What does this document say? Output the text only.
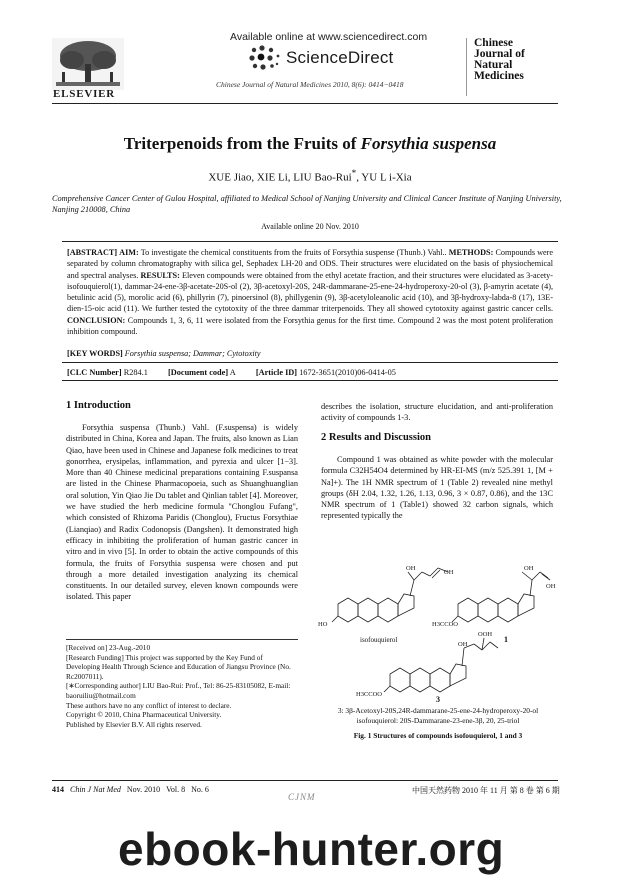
Available online at www.sciencedirect.com
ScienceDirect
Chinese Journal of Natural Medicines 2010, 8(6): 0414−0418
ELSEVIER
Chinese
Journal of
Natural
Medicines
Triterpenoids from the Fruits of Forsythia suspensa
XUE Jiao, XIE Li, LIU Bao-Rui*, YU L i-Xia
Comprehensive Cancer Center of Gulou Hospital, affiliated to Medical School of Nanjing University and Clinical Cancer Institute of Nanjing University, Nanjing 210008, China
Available online 20 Nov. 2010
[ABSTRACT] AIM: To investigate the chemical constituents from the fruits of Forsythia suspense (Thunb.) Vahl.. METHODS: Compounds were separated by column chromatography with silica gel, Sephadex LH-20 and ODS. Their structures were elucidated on the basis of physiochemical and spectral analyses. RESULTS: Eleven compounds were obtained from the ethyl acetate fraction, and their structures were elucidated as 3-acety-isofouquierol(1), dammar-24-ene-3β-acetate-20S-ol (2), 3β-acetoxyl-20S, 24R-dammarane-25-ene-24-hydroperoxy-20-ol (3), β-amyrin acetate (4), betulinic acid (5), morolic acid (6), phillyrin (7), pinoersinol (8), phillygenin (9), 3β-acetyloleanolic acid (10), and 3β-hydroxy-labda-8 (17), 13E-dien-15-oic acid (11). We further tested the cytotoxity of the three dammar triterpenoids. They all showed cytotoxity against gastric cancer cells. CONCLUSION: Compounds 1, 3, 6, 11 were isolated from the Forsythia genus for the first time. Compound 2 was the most potent proliferation inhibition compound.
[KEY WORDS] Forsythia suspensa; Dammar; Cytotoxity
[CLC Number] R284.1 [Document code] A [Article ID] 1672-3651(2010)06-0414-05
1 Introduction

Forsythia suspensa (Thunb.) Vahl. (F.suspensa) is widely distributed in China, Korea and Japan. The fruits, also known as Lian Qiao, have been used in Chinese and Japanese folk medicines to treat gonorrhea, erysipelas, inflammation, and pyrexia and ulcer [1−3]. More than 40 Chinese medicinal preparations containing F.suspansa are listed in the Chinese Pharmacopoeia, such as Shuanghuanglian oral solution, Yin Qiao Jie Du tablet and Qinlian tablet [4]. Moreover, we have studied the herb medicine formula "Chonglou Fufang", which consisted of Rhizoma Paridis (Chonglou), Fructus Forsythiae (Lianqiao) and Radix Codonopsis (Dangshen). It demonstrated high efficacy in inhibiting the proliferation of human gastric cancer in vitro and in vivo [5]. In order to obtain the active compounds of this formula, the fruits of Forsythia suspensa were chosen and put through a more detailed investigation analyzing its chemical constituents. In our detailed survey, eleven known compounds were isolated. This paper

[Received on] 23-Aug.-2010
[Research Funding] This project was supported by the Key Fund of Developing Health Through Science and Education of Jiangsu Province (No. Rc2007011).
[∗Corresponding author] LIU Bao-Rui: Prof., Tel: 86-25-83105082, E-mail: baoruiliu@hotmail.com
These authors have no any conflict of interest to declare.
Copyright © 2010, China Pharmaceutical University.
Published by Elsevier B.V. All rights reserved.
describes the isolation, structure elucidation, and anti-proliferation activity of compounds 1-3.
2 Results and Discussion

Compound 1 was obtained as white powder with the molecular formula C32H54O4 determined by HR-EI-MS (m/z 525.391 1, [M + Na]+). The 1H NMR spectrum of 1 (Table 2) revealed nine methyl groups (δH 2.04, 1.32, 1.26, 1.13, 0.96, 3 × 0.87, 0.86), and the 13C NMR spectrum of 1 (Table1) showed 32 carbon signals, which represented typically the

OH
OH
HO
isofouquierol
OH
OH
H3CCOO
1
OH
OOH
H3CCOO
3
3: 3β-Acetoxyl-20S,24R-dammarane-25-ene-24-hydroperoxy-20-ol
isofouquierol: 20S-Dammarane-23-ene-3β, 20, 25-triol
Fig. 1 Structures of compounds isofouquierol, 1 and 3
414 Chin J Nat Med Nov. 2010 Vol. 8 No. 6	中国天然药物 2010 年 11 月 第 8 卷 第 6 期
CJNM
ebook-hunter.org
